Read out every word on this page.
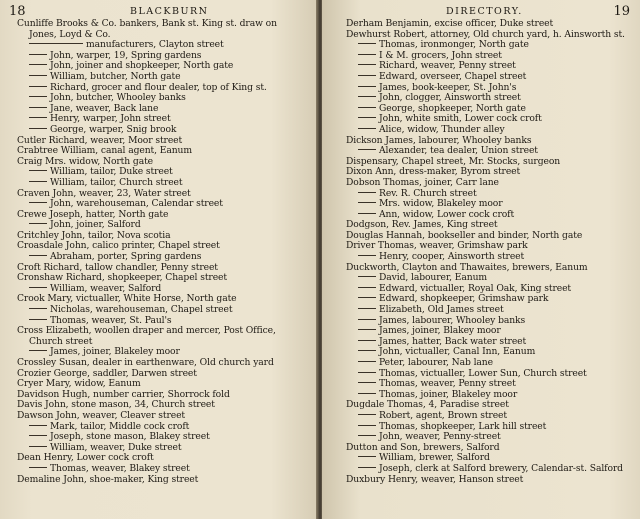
18	BLACKBURN
Cunliffe Brooks & Co. bankers, Bank st. King st. draw on
Jones, Loyd & Co.
manufacturers, Clayton street
John, warper, 19, Spring gardens
John, joiner and shopkeeper, North gate
William, butcher, North gate
Richard, grocer and flour dealer, top of King st.
John, butcher, Whooley banks
Jane, weaver, Back lane
Henry, warper, John street
George, warper, Snig brook
Cutler Richard, weaver, Moor street
Crabtree William, canal agent, Eanum
Craig Mrs. widow, North gate
William, tailor, Duke street
William, tailor, Church street
Craven John, weaver, 23, Water street
John, warehouseman, Calendar street
Crewe Joseph, hatter, North gate
John, joiner, Salford
Critchley John, tailor, Nova scotia
Croasdale John, calico printer, Chapel street
Abraham, porter, Spring gardens
Croft Richard, tallow chandler, Penny street
Cronshaw Richard, shopkeeper, Chapel street
William, weaver, Salford
Crook Mary, victualler, White Horse, North gate
Nicholas, warehouseman, Chapel street
Thomas, weaver, St. Paul's
Cross Elizabeth, woollen draper and mercer, Post Office,
Church street
James, joiner, Blakeley moor
Crossley Susan, dealer in earthenware, Old church yard
Crozier George, saddler, Darwen street
Cryer Mary, widow, Eanum
Davidson Hugh, number carrier, Shorrock fold
Davis John, stone mason, 34, Church street
Dawson John, weaver, Cleaver street
Mark, tailor, Middle cock croft
Joseph, stone mason, Blakey street
William, weaver, Duke street
Dean Henry, Lower cock croft
Thomas, weaver, Blakey street
Demaline John, shoe-maker, King street
DIRECTORY.	19
Derham Benjamin, excise officer, Duke street
Dewhurst Robert, attorney, Old church yard, h. Ainsworth st.
Thomas, ironmonger, North gate
I & M. grocers, John street
Richard, weaver, Penny street
Edward, overseer, Chapel street
James, book-keeper, St. John's
John, clogger, Ainsworth street
George, shopkeeper, North gate
John, white smith, Lower cock croft
Alice, widow, Thunder alley
Dickson James, labourer, Whooley banks
Alexander, tea dealer, Union street
Dispensary, Chapel street, Mr. Stocks, surgeon
Dixon Ann, dress-maker, Byrom street
Dobson Thomas, joiner, Carr lane
Rev. R. Church street
Mrs. widow, Blakeley moor
Ann, widow, Lower cock croft
Dodgson, Rev. James, King street
Douglas Hannah, bookseller and binder, North gate
Driver Thomas, weaver, Grimshaw park
Henry, cooper, Ainsworth street
Duckworth, Clayton and Thawaites, brewers, Eanum
David, labourer, Eanum
Edward, victualler, Royal Oak, King street
Edward, shopkeeper, Grimshaw park
Elizabeth, Old James street
James, labourer, Whooley banks
James, joiner, Blakey moor
James, hatter, Back water street
John, victualler, Canal Inn, Eanum
Peter, labourer, Nab lane
Thomas, victualler, Lower Sun, Church street
Thomas, weaver, Penny street
Thomas, joiner, Blakeley moor
Dugdale Thomas, 4, Paradise street
Robert, agent, Brown street
Thomas, shopkeeper, Lark hill street
John, weaver, Penny-street
Dutton and Son, brewers, Salford
William, brewer, Salford
Joseph, clerk at Salford brewery, Calendar-st. Salford
Duxbury Henry, weaver, Hanson street
